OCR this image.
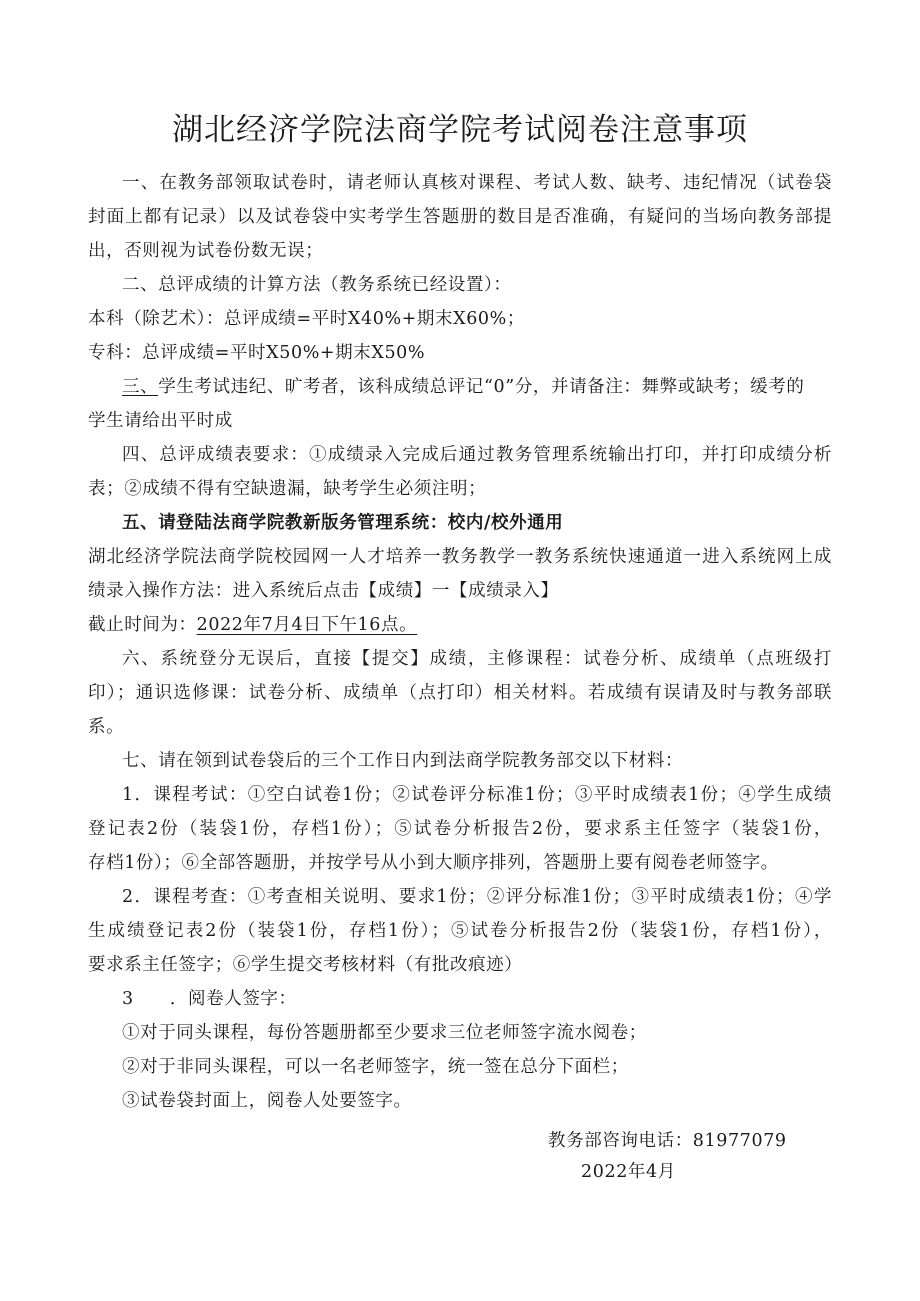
湖北经济学院法商学院考试阅卷注意事项
一、在教务部领取试卷时，请老师认真核对课程、考试人数、缺考、违纪情况（试卷袋
封面上都有记录）以及试卷袋中实考学生答题册的数目是否准确，有疑问的当场向教务部提
出，否则视为试卷份数无误；
二、总评成绩的计算方法（教务系统已经设置）：
本科（除艺术）：总评成绩=平时X40%+期末X60%；
专科：总评成绩=平时X50%+期末X50%
三、学生考试违纪、旷考者，该科成绩总评记“0”分，并请备注：舞弊或缺考；缓考的
学生请给出平时成
四、总评成绩表要求：①成绩录入完成后通过教务管理系统输出打印，并打印成绩分析
表；②成绩不得有空缺遗漏，缺考学生必须注明；
五、请登陆法商学院教新版务管理系统：校内/校外通用
湖北经济学院法商学院校园网一人才培养一教务教学一教务系统快速通道一进入系统网上成
绩录入操作方法：进入系统后点击【成绩】一【成绩录入】
截止时间为：2022年7月4日下午16点。
六、系统登分无误后，直接【提交】成绩，主修课程：试卷分析、成绩单（点班级打
印）；通识选修课：试卷分析、成绩单（点打印）相关材料。若成绩有误请及时与教务部联
系。
七、请在领到试卷袋后的三个工作日内到法商学院教务部交以下材料：
1．课程考试：①空白试卷1份；②试卷评分标准1份；③平时成绩表1份；④学生成绩
登记表2份（装袋1份，存档1份）；⑤试卷分析报告2份，要求系主任签字（装袋1份，
存档1份）；⑥全部答题册，并按学号从小到大顺序排列，答题册上要有阅卷老师签字。
2．课程考查：①考查相关说明、要求1份；②评分标准1份；③平时成绩表1份；④学
生成绩登记表2份（装袋1份，存档1份）；⑤试卷分析报告2份（装袋1份，存档1份），
要求系主任签字；⑥学生提交考核材料（有批改痕迹）
3　　．阅卷人签字：
①对于同头课程，每份答题册都至少要求三位老师签字流水阅卷；
②对于非同头课程，可以一名老师签字，统一签在总分下面栏；
③试卷袋封面上，阅卷人处要签字。
教务部咨询电话：81977079
2022年4月
